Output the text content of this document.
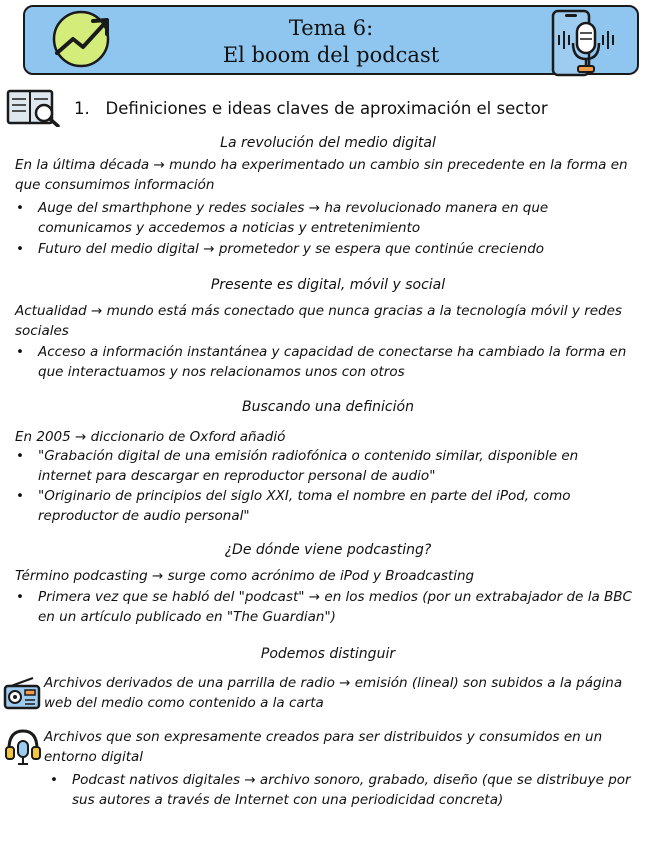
Tema 6:
El boom del podcast
1. Definiciones e ideas claves de aproximación el sector
La revolución del medio digital
En la última década → mundo ha experimentado un cambio sin precedente en la forma en que consumimos información
• Auge del smarthphone y redes sociales → ha revolucionado manera en que comunicamos y accedemos a noticias y entretenimiento
• Futuro del medio digital → prometedor y se espera que continúe creciendo
Presente es digital, móvil y social
Actualidad → mundo está más conectado que nunca gracias a la tecnología móvil y redes sociales
• Acceso a información instantánea y capacidad de conectarse ha cambiado la forma en que interactuamos y nos relacionamos unos con otros
Buscando una definición
En 2005 → diccionario de Oxford añadió
• "Grabación digital de una emisión radiofónica o contenido similar, disponible en internet para descargar en reproductor personal de audio"
• "Originario de principios del siglo XXI, toma el nombre en parte del iPod, como reproductor de audio personal"
¿De dónde viene podcasting?
Término podcasting → surge como acrónimo de iPod y Broadcasting
• Primera vez que se habló del "podcast" → en los medios (por un extrabajador de la BBC en un artículo publicado en "The Guardian")
Podemos distinguir
Archivos derivados de una parrilla de radio → emisión (lineal) son subidos a la página web del medio como contenido a la carta
Archivos que son expresamente creados para ser distribuidos y consumidos en un entorno digital
• Podcast nativos digitales → archivo sonoro, grabado, diseño (que se distribuye por sus autores a través de Internet con una periodicidad concreta)
